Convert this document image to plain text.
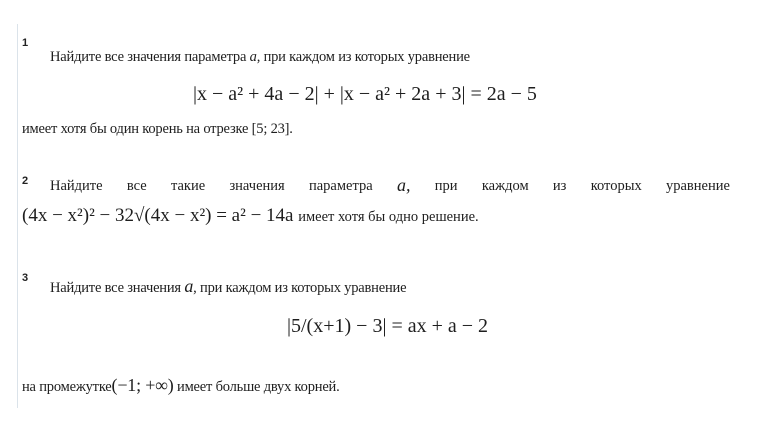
1
Найдите все значения параметра a, при каждом из которых уравнение
|x − a² + 4a − 2| + |x − a² + 2a + 3| = 2a − 5
имеет хотя бы один корень на отрезке [5; 23].
2 Найдите все такие значения параметра a, при каждом из которых уравнение
(4x − x²)² − 32√(4x − x²) = a² − 14a имеет хотя бы одно решение.
3
Найдите все значения a, при каждом из которых уравнение
|5/(x+1) − 3| = ax + a − 2
на промежутке(−1; +∞) имеет больше двух корней.
